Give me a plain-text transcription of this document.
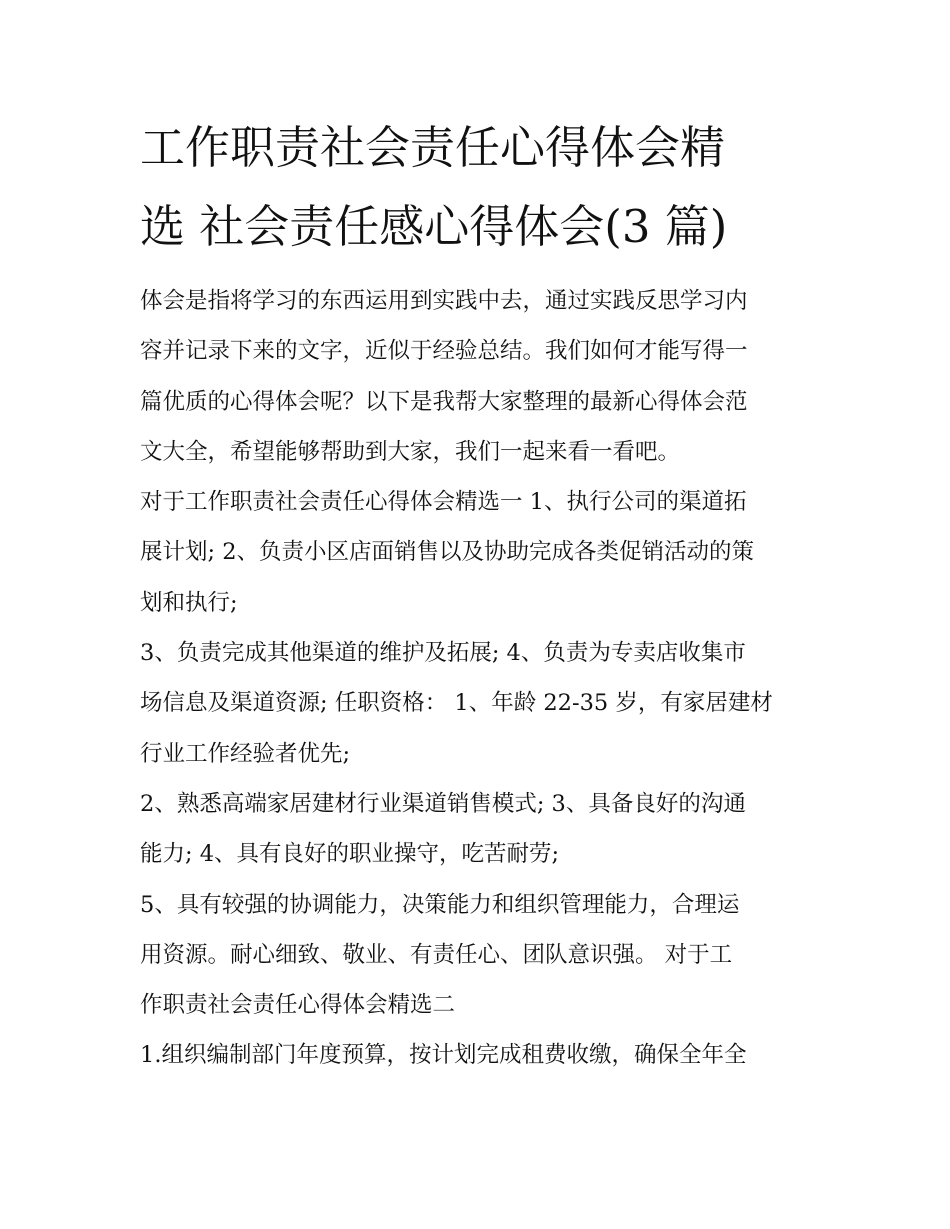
工作职责社会责任心得体会精
选 社会责任感心得体会(3 篇)

体会是指将学习的东西运用到实践中去，通过实践反思学习内
容并记录下来的文字，近似于经验总结。我们如何才能写得一
篇优质的心得体会呢？以下是我帮大家整理的最新心得体会范
文大全，希望能够帮助到大家，我们一起来看一看吧。

对于工作职责社会责任心得体会精选一 1、执行公司的渠道拓
展计划; 2、负责小区店面销售以及协助完成各类促销活动的策
划和执行;

3、负责完成其他渠道的维护及拓展; 4、负责为专卖店收集市
场信息及渠道资源; 任职资格： 1、年龄 22-35 岁，有家居建材
行业工作经验者优先;

2、熟悉高端家居建材行业渠道销售模式; 3、具备良好的沟通
能力; 4、具有良好的职业操守，吃苦耐劳;

5、具有较强的协调能力，决策能力和组织管理能力，合理运
用资源。耐心细致、敬业、有责任心、团队意识强。 对于工
作职责社会责任心得体会精选二

1.组织编制部门年度预算，按计划完成租费收缴，确保全年全
